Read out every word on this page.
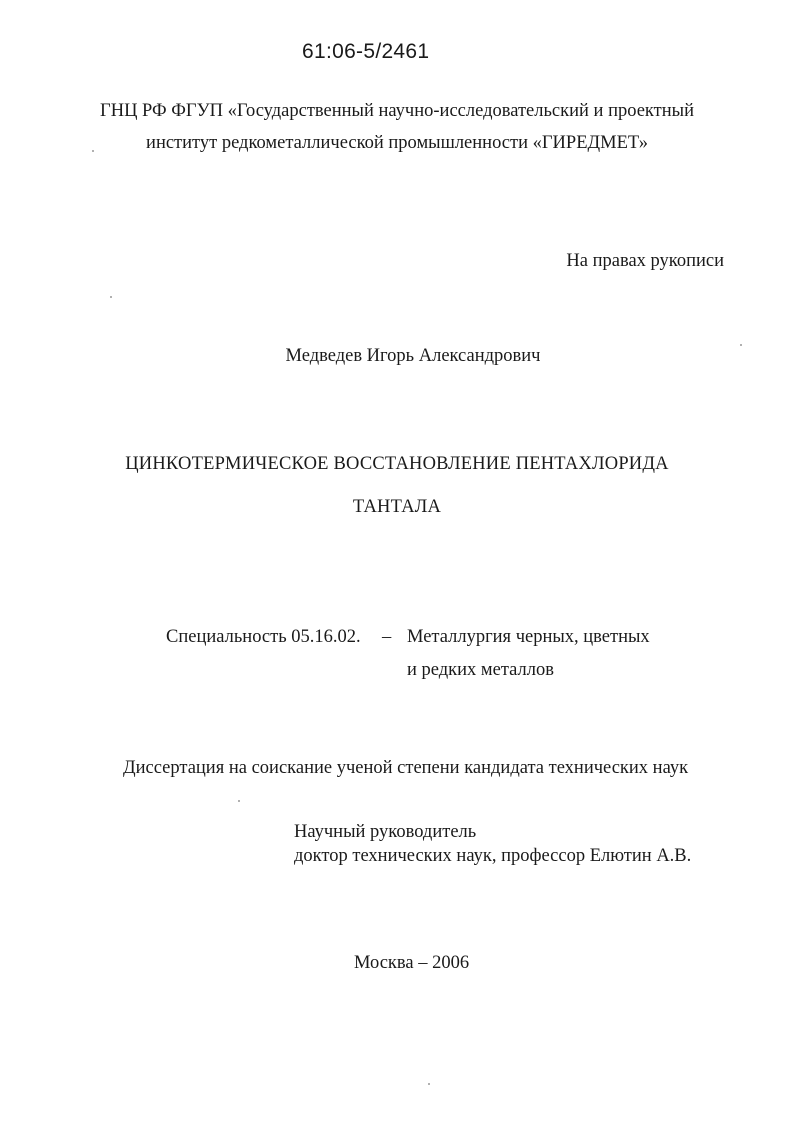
61:06-5/2461
ГНЦ РФ ФГУП «Государственный научно-исследовательский и проектный
институт редкометаллической промышленности «ГИРЕДМЕТ»
На правах рукописи
Медведев Игорь Александрович
ЦИНКОТЕРМИЧЕСКОЕ ВОССТАНОВЛЕНИЕ ПЕНТАХЛОРИДА
ТАНТАЛА
Специальность 05.16.02. – Металлургия черных, цветных
и редких металлов
Диссертация на соискание ученой степени кандидата технических наук
Научный руководитель
доктор технических наук, профессор Елютин А.В.
Москва – 2006
